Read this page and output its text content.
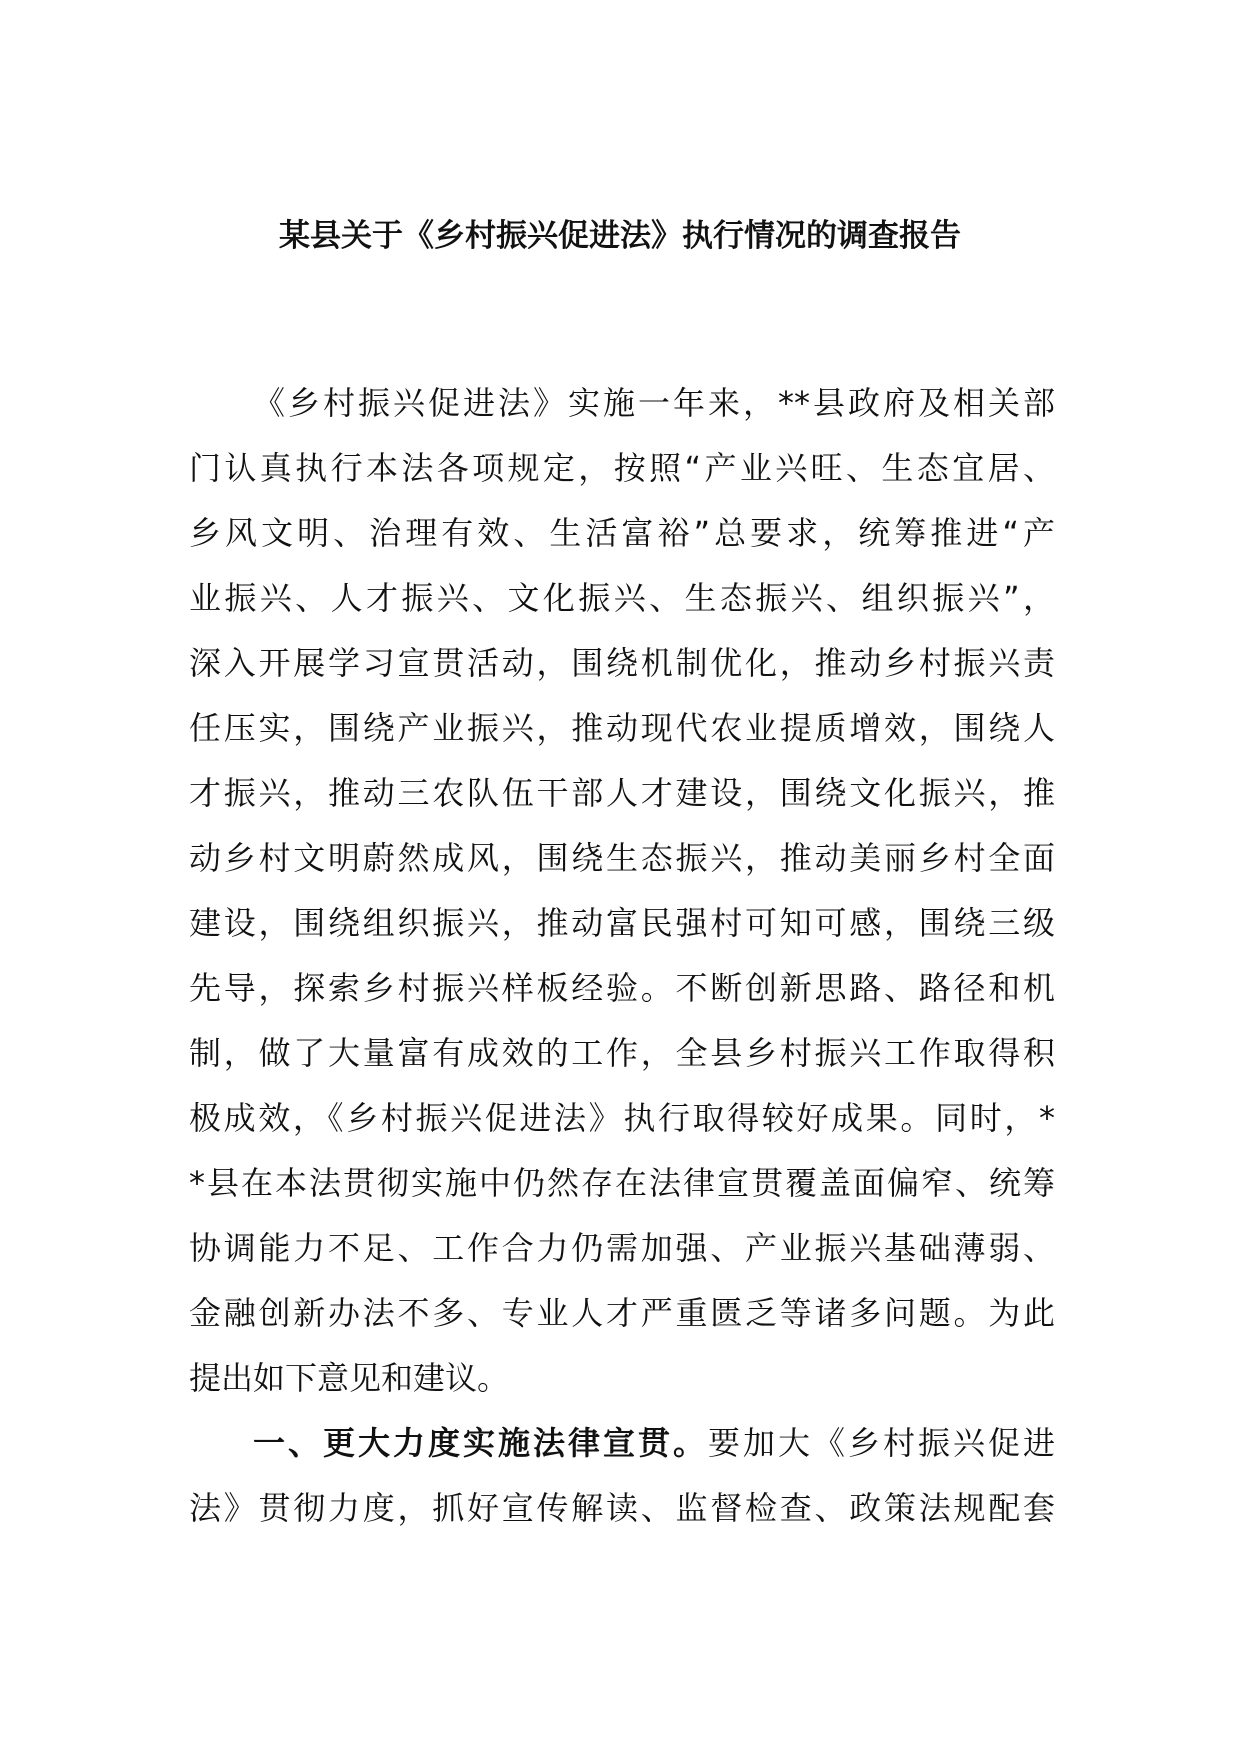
某县关于《乡村振兴促进法》执行情况的调查报告
《乡村振兴促进法》实施一年来，**县政府及相关部
门认真执行本法各项规定，按照“产业兴旺、生态宜居、
乡风文明、治理有效、生活富裕”总要求，统筹推进“产
业振兴、人才振兴、文化振兴、生态振兴、组织振兴”，
深入开展学习宣贯活动，围绕机制优化，推动乡村振兴责
任压实，围绕产业振兴，推动现代农业提质增效，围绕人
才振兴，推动三农队伍干部人才建设，围绕文化振兴，推
动乡村文明蔚然成风，围绕生态振兴，推动美丽乡村全面
建设，围绕组织振兴，推动富民强村可知可感，围绕三级
先导，探索乡村振兴样板经验。不断创新思路、路径和机
制，做了大量富有成效的工作，全县乡村振兴工作取得积
极成效，《乡村振兴促进法》执行取得较好成果。同时，*
*县在本法贯彻实施中仍然存在法律宣贯覆盖面偏窄、统筹
协调能力不足、工作合力仍需加强、产业振兴基础薄弱、
金融创新办法不多、专业人才严重匮乏等诸多问题。为此
提出如下意见和建议。
一、更大力度实施法律宣贯。要加大《乡村振兴促进
法》贯彻力度，抓好宣传解读、监督检查、政策法规配套
